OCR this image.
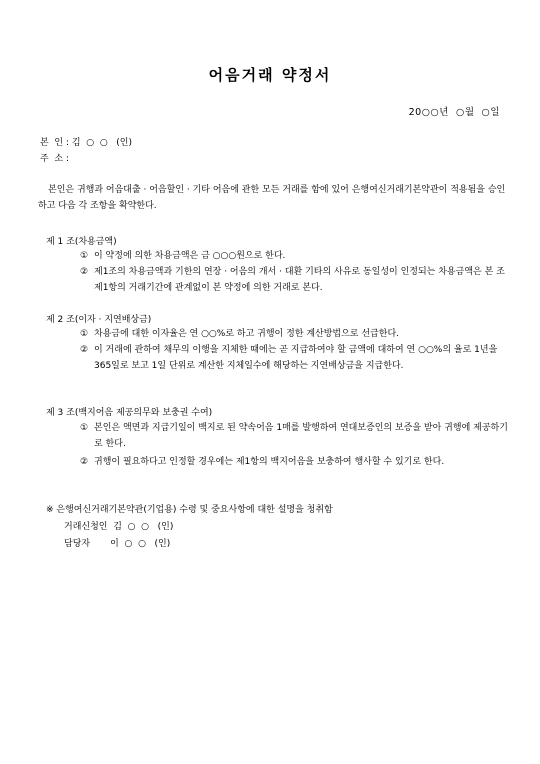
어음거래 약정서
20○○년  ○월  ○일
본  인 : 김  ○  ○   (인)
주  소 :
본인은 귀행과 어음대출 · 어음할인 · 기타 어음에 관한 모든 거래를 함에 있어 은행여신거래기본약관이 적용됨을 승인하고 다음 각 조항을 확약한다.
제 1 조(차용금액)
① 이 약정에 의한 차용금액은 금 ○○○원으로 한다.
② 제1조의 차용금액과 기한의 연장 · 어음의 개서 · 대환 기타의 사유로 동일성이 인정되는 차용금액은 본 조 제1항의 거래기간에 관계없이 본 약정에 의한 거래로 본다.
제 2 조(이자 · 지연배상금)
① 차용금에 대한 이자율은 연 ○○%로 하고 귀행이 정한 계산방법으로 선급한다.
② 이 거래에 관하여 채무의 이행을 지체한 때에는 곧 지급하여야 할 금액에 대하여 연 ○○%의 율로 1년을 365일로 보고 1일 단위로 계산한 지체일수에 해당하는 지연배상금을 지급한다.
제 3 조(백지어음 제공의무와 보충권 수여)
① 본인은 액면과 지급기일이 백지로 된 약속어음 1매를 발행하여 연대보증인의 보증을 받아 귀행에 제공하기로 한다.
② 귀행이 필요하다고 인정할 경우에는 제1항의 백지어음을 보충하여 행사할 수 있기로 한다.
※ 은행여신거래기본약관(기업용) 수령 및 중요사항에 대한 설명을 청취함
거래신청인  김  ○  ○   (인)
담당자       이  ○  ○   (인)
